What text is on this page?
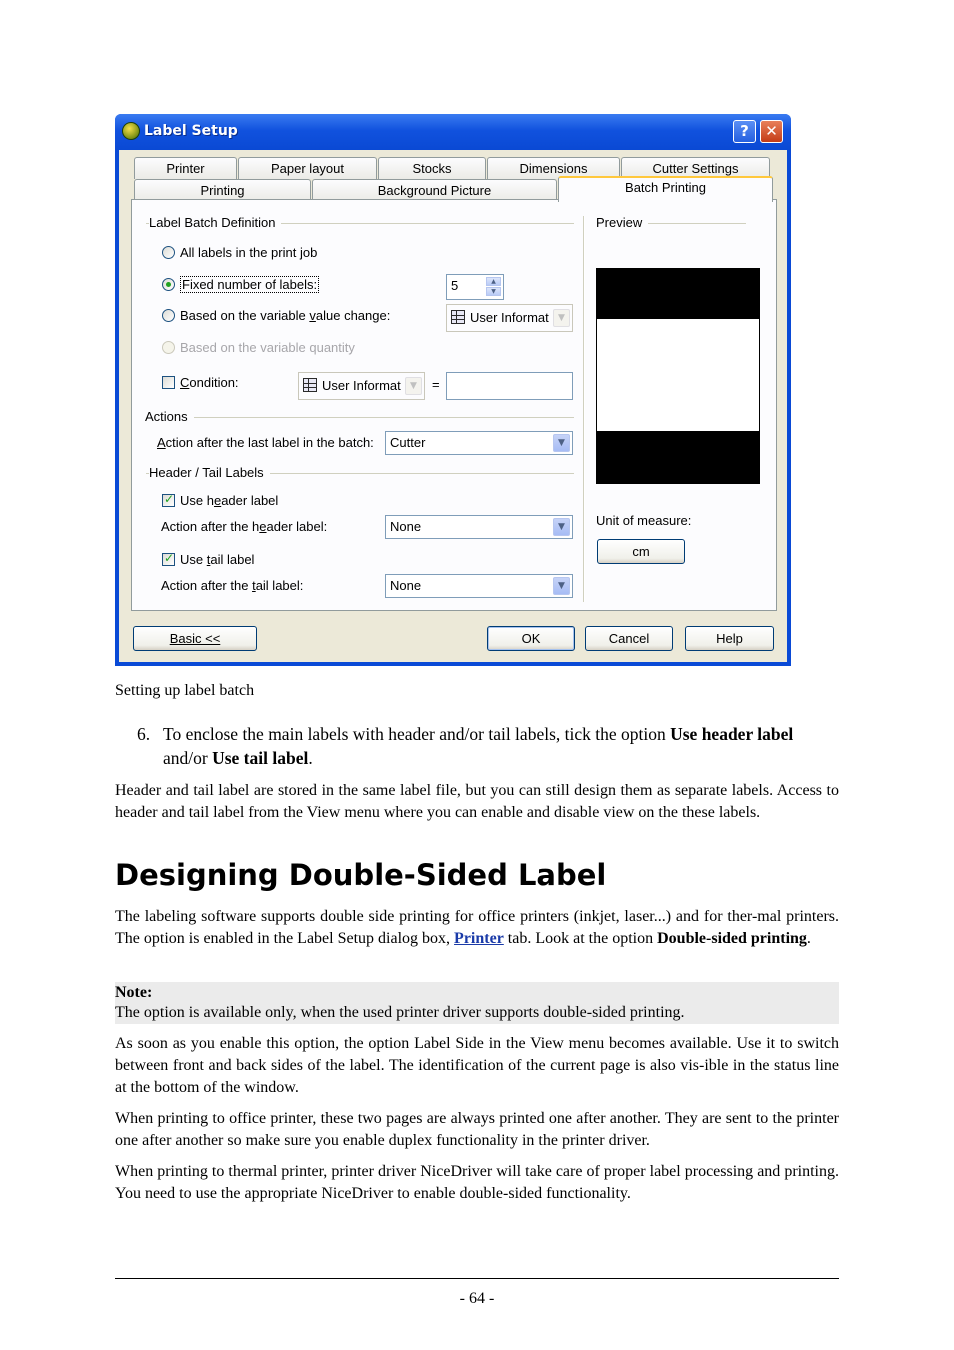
Label Setup	?	✕
Printer	Paper layout	Stocks	Dimensions	Cutter Settings
Printing	Background Picture	Batch Printing
Label Batch Definition
All labels in the print job
Fixed number of labels:	5	▲
▼
Based on the variable value change:	User Informat	▼
Based on the variable quantity
Condition:	User Informat	▼	=
Actions
Action after the last label in the batch:	Cutter	▼
Header / Tail Labels
✓
Use header label
Action after the header label:	None	▼
✓
Use tail label
Action after the tail label:	None	▼
Preview
Unit of measure:
cm
Basic <<	OK	Cancel	Help
Setting up label batch
6. To enclose the main labels with header and/or tail labels, tick the option Use header label and/or Use tail label.
Header and tail label are stored in the same label file, but you can still design them as separate labels. Access to header and tail label from the View menu where you can enable and disable view on the these labels.
Designing Double-Sided Label
The labeling software supports double side printing for office printers (inkjet, laser...) and for ther-mal printers. The option is enabled in the Label Setup dialog box, Printer tab. Look at the option Double-sided printing.
Note:
The option is available only, when the used printer driver supports double-sided printing.
As soon as you enable this option, the option Label Side in the View menu becomes available. Use it to switch between front and back sides of the label. The identification of the current page is also vis-ible in the status line at the bottom of the window.
When printing to office printer, these two pages are always printed one after another. They are sent to the printer one after another so make sure you enable duplex functionality in the printer driver.
When printing to thermal printer, printer driver NiceDriver will take care of proper label processing and printing. You need to use the appropriate NiceDriver to enable double-sided functionality.
- 64 -
